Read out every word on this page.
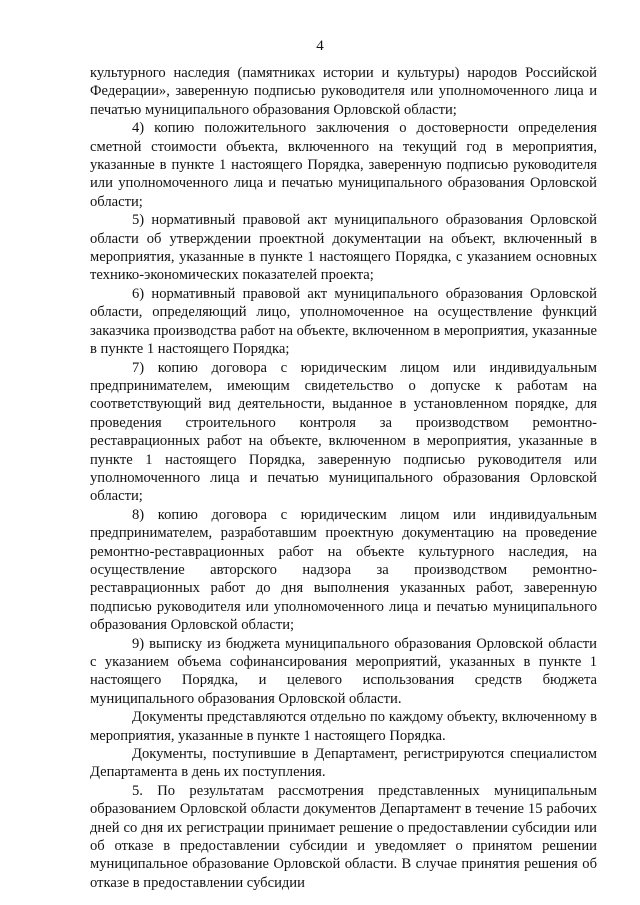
4

культурного наследия (памятниках истории и культуры) народов Российской Федерации», заверенную подписью руководителя или уполномоченного лица и печатью муниципального образования Орловской области;

4) копию положительного заключения о достоверности определения сметной стоимости объекта, включенного на текущий год в мероприятия, указанные в пункте 1 настоящего Порядка, заверенную подписью руководителя или уполномоченного лица и печатью муниципального образования Орловской области;

5) нормативный правовой акт муниципального образования Орловской области об утверждении проектной документации на объект, включенный в мероприятия, указанные в пункте 1 настоящего Порядка, с указанием основных технико-экономических показателей проекта;

6) нормативный правовой акт муниципального образования Орловской области, определяющий лицо, уполномоченное на осуществление функций заказчика производства работ на объекте, включенном в мероприятия, указанные в пункте 1 настоящего Порядка;

7) копию договора с юридическим лицом или индивидуальным предпринимателем, имеющим свидетельство о допуске к работам на соответствующий вид деятельности, выданное в установленном порядке, для проведения строительного контроля за производством ремонтно-реставрационных работ на объекте, включенном в мероприятия, указанные в пункте 1 настоящего Порядка, заверенную подписью руководителя или уполномоченного лица и печатью муниципального образования Орловской области;

8) копию договора с юридическим лицом или индивидуальным предпринимателем, разработавшим проектную документацию на проведение ремонтно-реставрационных работ на объекте культурного наследия, на осуществление авторского надзора за производством ремонтно-реставрационных работ до дня выполнения указанных работ, заверенную подписью руководителя или уполномоченного лица и печатью муниципального образования Орловской области;

9) выписку из бюджета муниципального образования Орловской области с указанием объема софинансирования мероприятий, указанных в пункте 1 настоящего Порядка, и целевого использования средств бюджета муниципального образования Орловской области.

Документы представляются отдельно по каждому объекту, включенному в мероприятия, указанные в пункте 1 настоящего Порядка.

Документы, поступившие в Департамент, регистрируются специалистом Департамента в день их поступления.

5. По результатам рассмотрения представленных муниципальным образованием Орловской области документов Департамент в течение 15 рабочих дней со дня их регистрации принимает решение о предоставлении субсидии или об отказе в предоставлении субсидии и уведомляет о принятом решении муниципальное образование Орловской области. В случае принятия решения об отказе в предоставлении субсидии
